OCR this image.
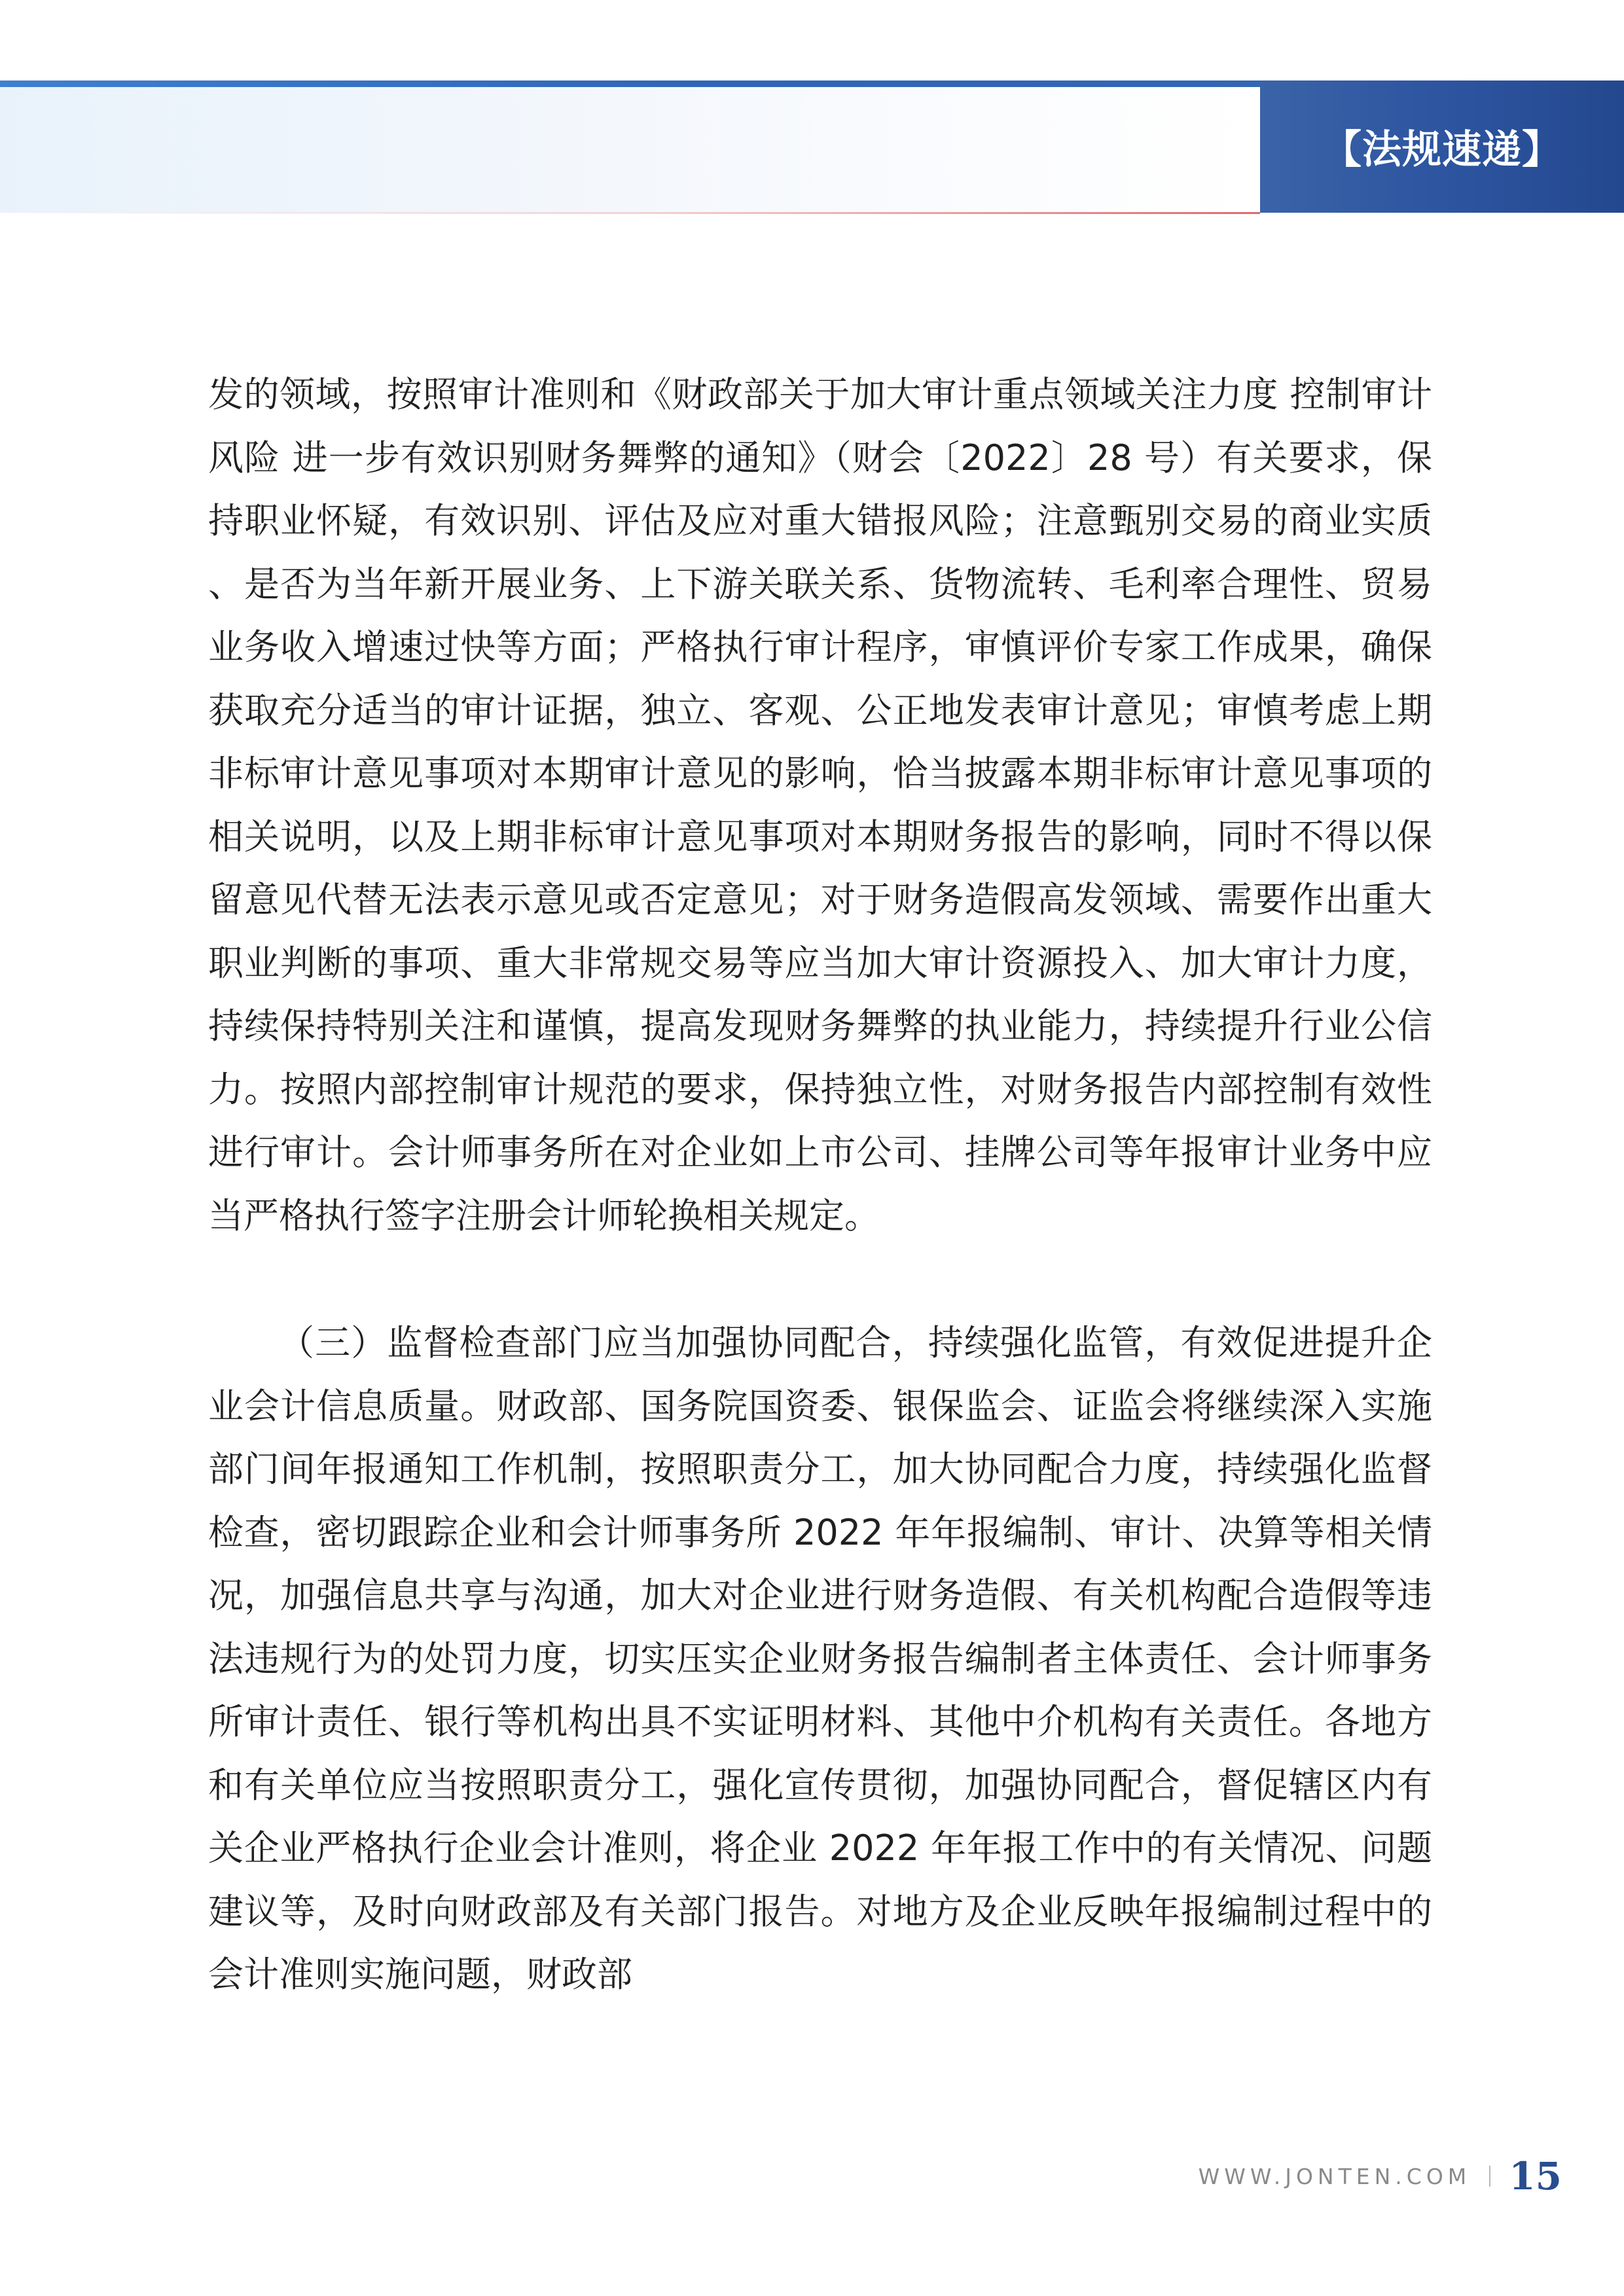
【法规速递】

发的领域，按照审计准则和《财政部关于加大审计重点领域关注力度 控制审计风险 进一步有效识别财务舞弊的通知》（财会〔2022〕28 号）有关要求，保持职业怀疑，有效识别、评估及应对重大错报风险；注意甄别交易的商业实质、是否为当年新开展业务、上下游关联关系、货物流转、毛利率合理性、贸易业务收入增速过快等方面；严格执行审计程序，审慎评价专家工作成果，确保获取充分适当的审计证据，独立、客观、公正地发表审计意见；审慎考虑上期非标审计意见事项对本期审计意见的影响，恰当披露本期非标审计意见事项的相关说明，以及上期非标审计意见事项对本期财务报告的影响，同时不得以保留意见代替无法表示意见或否定意见；对于财务造假高发领域、需要作出重大职业判断的事项、重大非常规交易等应当加大审计资源投入、加大审计力度，持续保持特别关注和谨慎，提高发现财务舞弊的执业能力，持续提升行业公信力。按照内部控制审计规范的要求，保持独立性，对财务报告内部控制有效性进行审计。会计师事务所在对企业如上市公司、挂牌公司等年报审计业务中应当严格执行签字注册会计师轮换相关规定。

（三）监督检查部门应当加强协同配合，持续强化监管，有效促进提升企业会计信息质量。财政部、国务院国资委、银保监会、证监会将继续深入实施部门间年报通知工作机制，按照职责分工，加大协同配合力度，持续强化监督检查，密切跟踪企业和会计师事务所 2022 年年报编制、审计、决算等相关情况，加强信息共享与沟通，加大对企业进行财务造假、有关机构配合造假等违法违规行为的处罚力度，切实压实企业财务报告编制者主体责任、会计师事务所审计责任、银行等机构出具不实证明材料、其他中介机构有关责任。各地方和有关单位应当按照职责分工，强化宣传贯彻，加强协同配合，督促辖区内有关企业严格执行企业会计准则，将企业 2022 年年报工作中的有关情况、问题建议等，及时向财政部及有关部门报告。对地方及企业反映年报编制过程中的会计准则实施问题，财政部

WWW.JONTEN.COM 15
